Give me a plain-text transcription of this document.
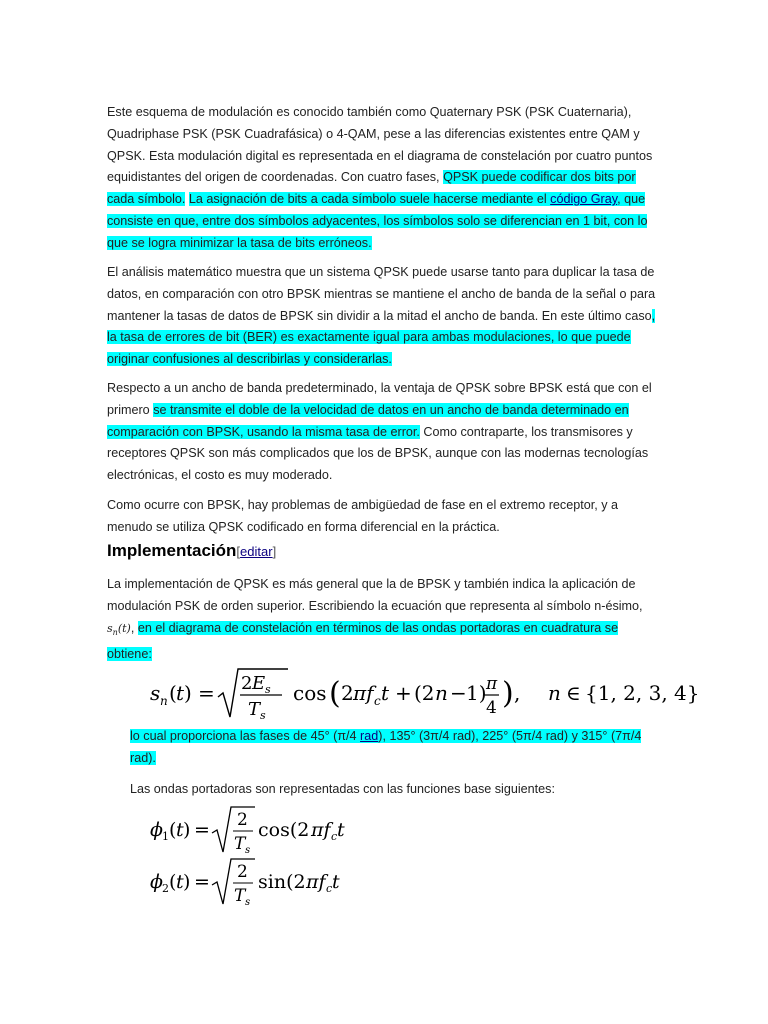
Este esquema de modulación es conocido también como Quaternary PSK (PSK Cuaternaria), Quadriphase PSK (PSK Cuadrafásica) o 4-QAM, pese a las diferencias existentes entre QAM y QPSK. Esta modulación digital es representada en el diagrama de constelación por cuatro puntos equidistantes del origen de coordenadas. Con cuatro fases, QPSK puede codificar dos bits por cada símbolo. La asignación de bits a cada símbolo suele hacerse mediante el código Gray, que consiste en que, entre dos símbolos adyacentes, los símbolos solo se diferencian en 1 bit, con lo que se logra minimizar la tasa de bits erróneos.

El análisis matemático muestra que un sistema QPSK puede usarse tanto para duplicar la tasa de datos, en comparación con otro BPSK mientras se mantiene el ancho de banda de la señal o para mantener la tasas de datos de BPSK sin dividir a la mitad el ancho de banda. En este último caso, la tasa de errores de bit (BER) es exactamente igual para ambas modulaciones, lo que puede originar confusiones al describirlas y considerarlas.

Respecto a un ancho de banda predeterminado, la ventaja de QPSK sobre BPSK está que con el primero se transmite el doble de la velocidad de datos en un ancho de banda determinado en comparación con BPSK, usando la misma tasa de error. Como contraparte, los transmisores y receptores QPSK son más complicados que los de BPSK, aunque con las modernas tecnologías electrónicas, el costo es muy moderado.

Como ocurre con BPSK, hay problemas de ambigüedad de fase en el extremo receptor, y a menudo se utiliza QPSK codificado en forma diferencial en la práctica.

Implementación[editar]

La implementación de QPSK es más general que la de BPSK y también indica la aplicación de modulación PSK de orden superior. Escribiendo la ecuación que representa al símbolo n-ésimo, $s_n(t)$, en el diagrama de constelación en términos de las ondas portadoras en cuadratura se obtiene:

s n ( t ) = 2 E s
T s
cos ( 2 πf c t + (2 n − 1) π
4 ) , n ∈ {1, 2, 3, 4}

lo cual proporciona las fases de 45° (π/4 rad), 135° (3π/4 rad), 225° (5π/4 rad) y 315° (7π/4 rad).

Las ondas portadoras son representadas con las funciones base siguientes:

ϕ 1 ( t ) = 2
T s
cos(2 πf c t
ϕ 2 ( t ) = 2
T s
sin(2 πf c t
